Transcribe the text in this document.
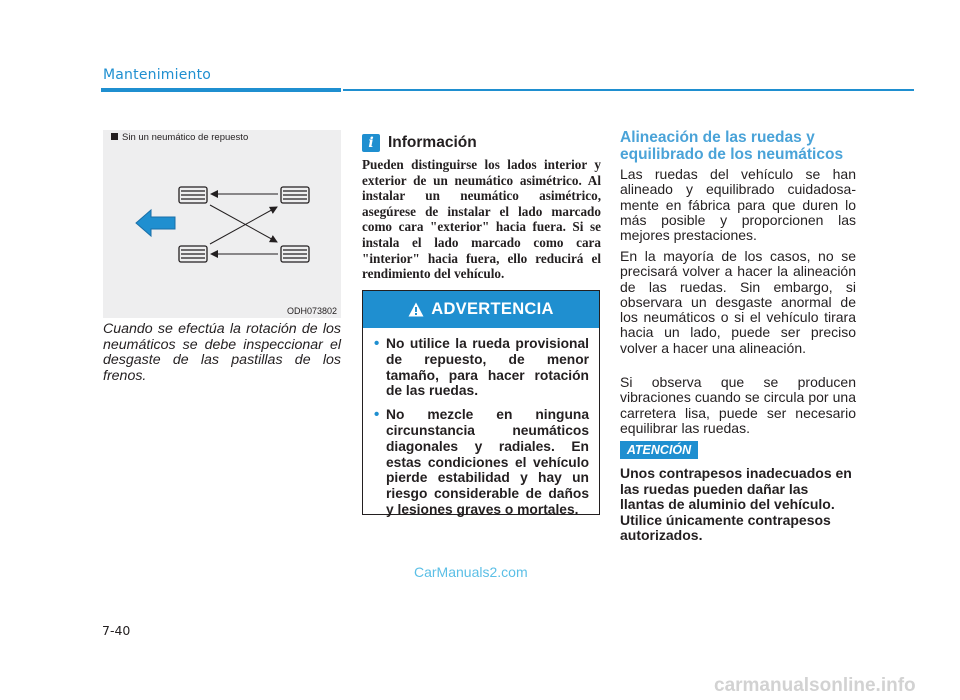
Mantenimiento
Sin un neumático de repuesto
ODH073802

Cuando se efectúa la rotación de los neumáticos se debe inspeccionar el desgaste de las pastillas de los frenos.

i Información

Pueden distinguirse los lados interior y exterior de un neumático asimétrico. Al instalar un neumático asimétrico, asegúrese de instalar el lado marcado como cara "exterior" hacia fuera. Si se instala el lado marcado como cara "interior" hacia fuera, ello reducirá el rendimiento del vehículo.

ADVERTENCIA
• No utilice la rueda provisional de repuesto, de menor tamaño, para hacer rotación de las ruedas.
• No mezcle en ninguna circunstancia neumáticos diagonales y radiales. En estas condiciones el vehículo pierde estabilidad y hay un riesgo considerable de daños y lesiones graves o mortales.
Alineación de las ruedas y equilibrado de los neumáticos

Las ruedas del vehículo se han alineado y equilibrado cuidadosa-mente en fábrica para que duren lo más posible y proporcionen las mejores prestaciones.

En la mayoría de los casos, no se precisará volver a hacer la alineación de las ruedas. Sin embargo, si observara un desgaste anormal de los neumáticos o si el vehículo tirara hacia un lado, puede ser preciso volver a hacer una alineación.

Si observa que se producen vibraciones cuando se circula por una carretera lisa, puede ser necesario equilibrar las ruedas.

ATENCIÓN

Unos contrapesos inadecuados en las ruedas pueden dañar las llantas de aluminio del vehículo. Utilice únicamente contrapesos autorizados.

7-40
CarManuals2.com
carmanualsonline.info
